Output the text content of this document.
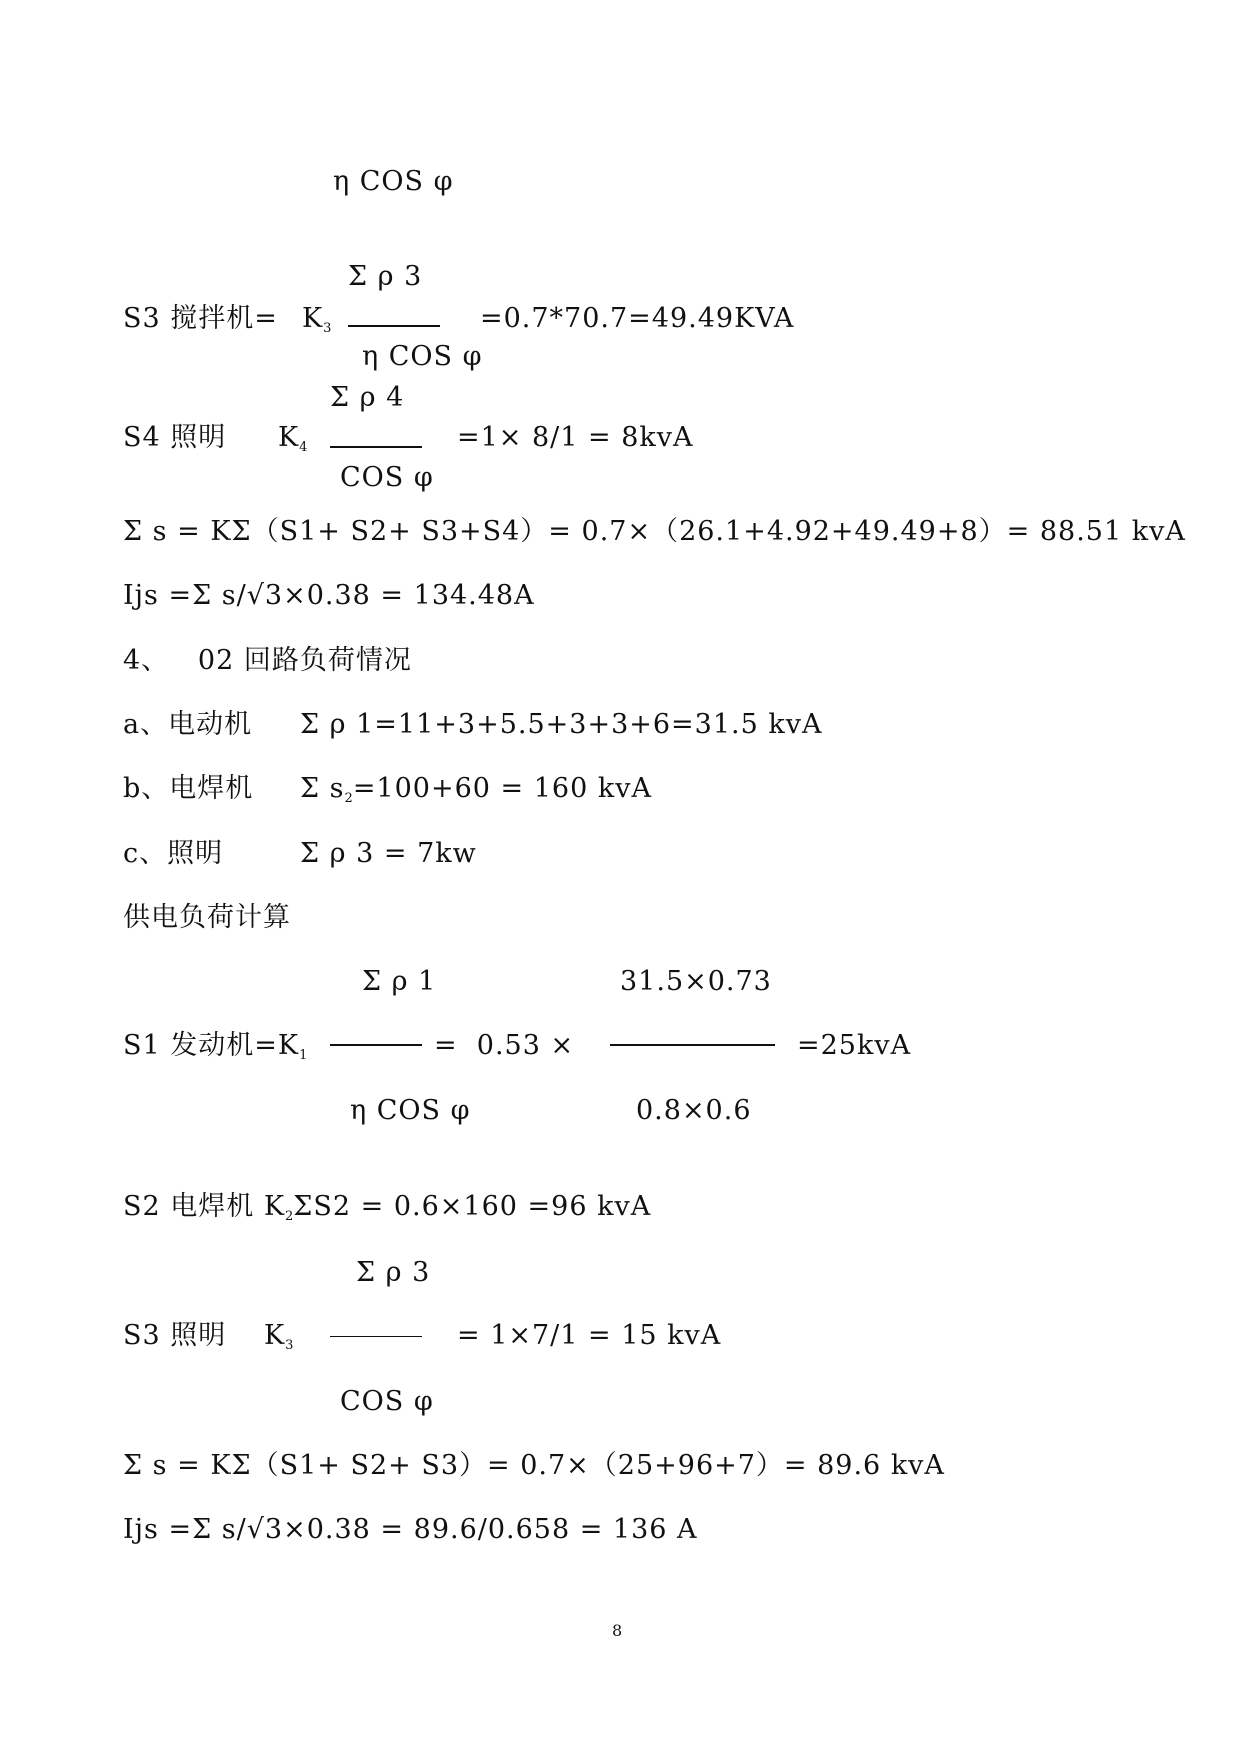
η COS φ
Σ ρ 3
S3 搅拌机= K3	=0.7*70.7=49.49KVA
η COS φ
Σ ρ 4
S4 照明 K4	=1× 8/1 = 8kvA
COS φ
Σ s = KΣ（S1+ S2+ S3+S4）= 0.7×（26.1+4.92+49.49+8）= 88.51 kvA
Ijs =Σ s/√3×0.38 = 134.48A
4、   02 回路负荷情况
a、电动机 Σ ρ 1=11+3+5.5+3+3+6=31.5 kvA
b、电焊机 Σ s2=100+60 = 160 kvA
c、照明	Σ ρ 3 = 7kw
供电负荷计算
Σ ρ 1	31.5×0.73
S1 发动机=K1	=  0.53 ×	=25kvA
η COS φ	0.8×0.6
S2 电焊机 K2ΣS2 = 0.6×160 =96 kvA
Σ ρ 3
S3 照明 K3	= 1×7/1 = 15 kvA
COS φ
Σ s = KΣ（S1+ S2+ S3）= 0.7×（25+96+7）= 89.6 kvA
Ijs =Σ s/√3×0.38 = 89.6/0.658 = 136 A
8
